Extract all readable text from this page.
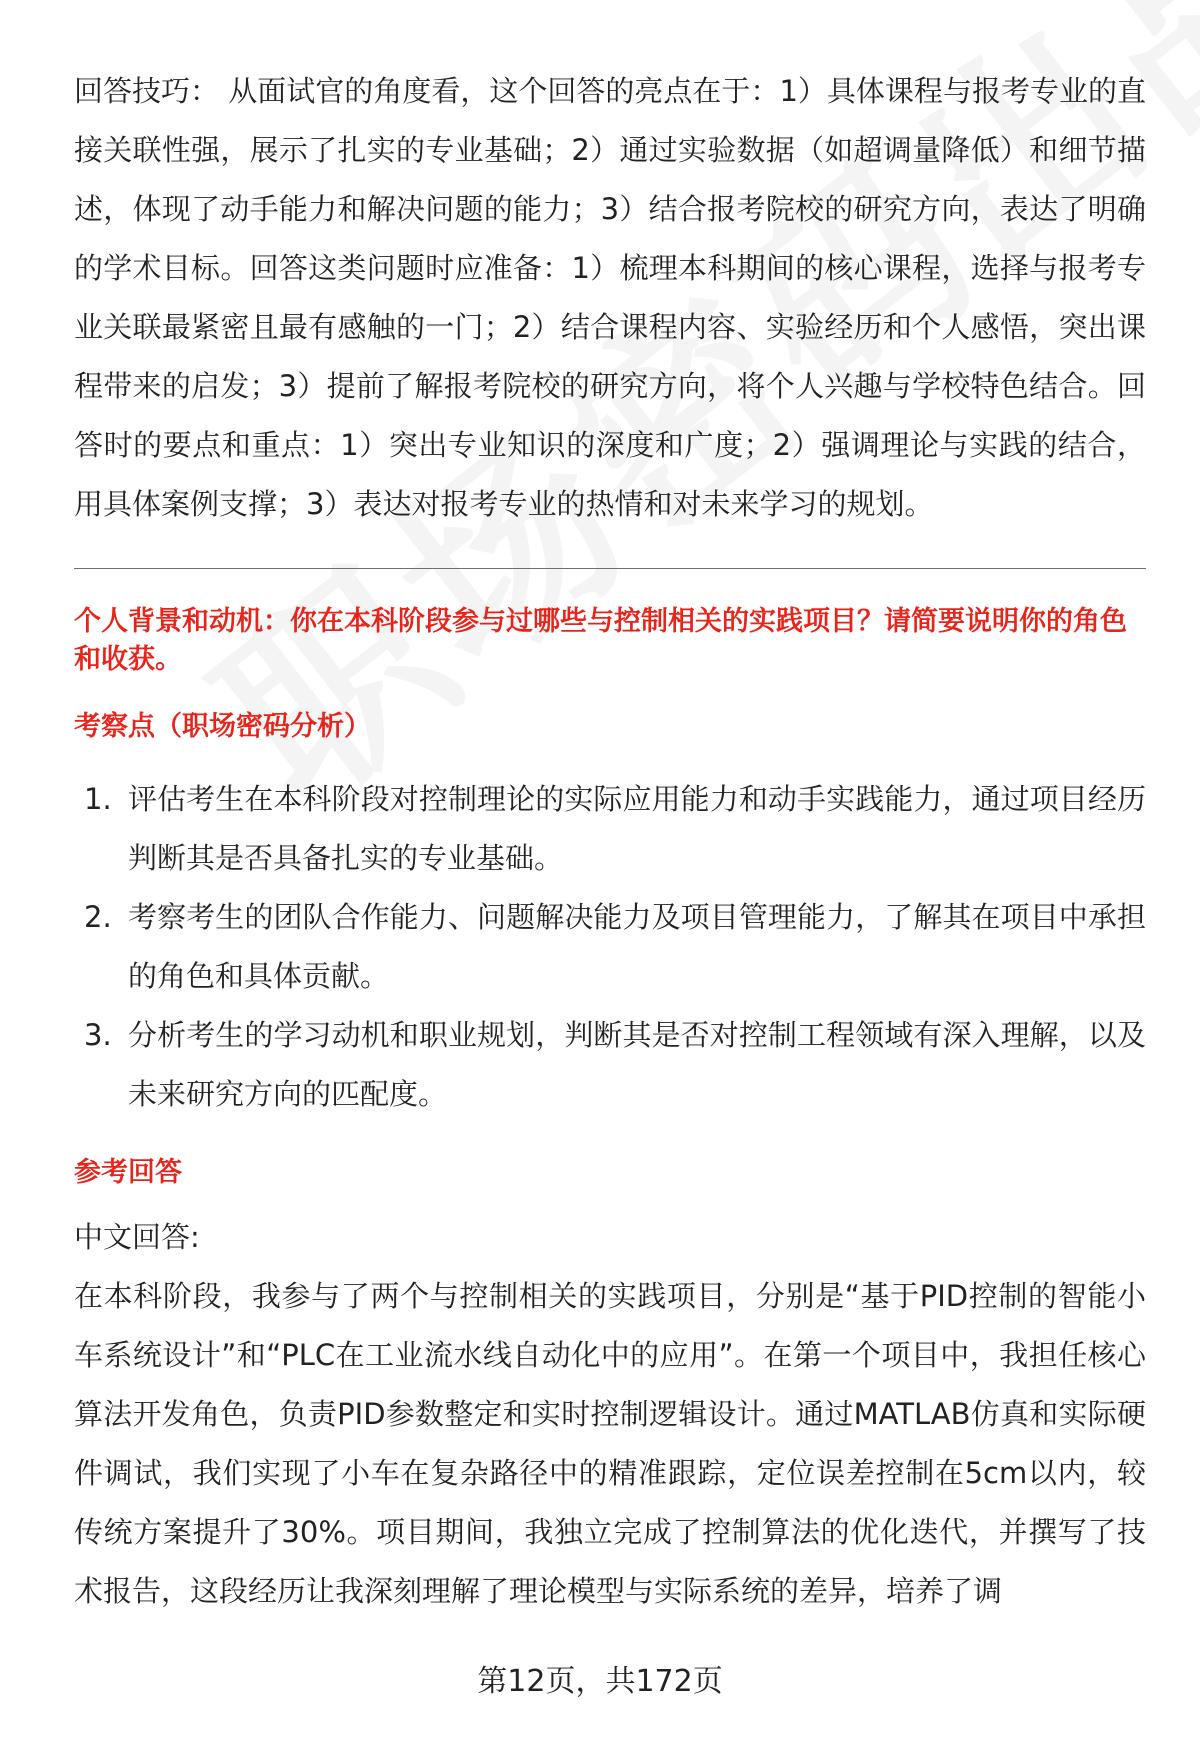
回答技巧： 从面试官的角度看，这个回答的亮点在于：1）具体课程与报考专业的直接关联性强，展示了扎实的专业基础；2）通过实验数据（如超调量降低）和细节描述，体现了动手能力和解决问题的能力；3）结合报考院校的研究方向，表达了明确的学术目标。回答这类问题时应准备：1）梳理本科期间的核心课程，选择与报考专业关联最紧密且最有感触的一门；2）结合课程内容、实验经历和个人感悟，突出课程带来的启发；3）提前了解报考院校的研究方向，将个人兴趣与学校特色结合。回答时的要点和重点：1）突出专业知识的深度和广度；2）强调理论与实践的结合，用具体案例支撑；3）表达对报考专业的热情和对未来学习的规划。

个人背景和动机：你在本科阶段参与过哪些与控制相关的实践项目？请简要说明你的角色和收获。

考察点（职场密码分析）

1. 评估考生在本科阶段对控制理论的实际应用能力和动手实践能力，通过项目经历判断其是否具备扎实的专业基础。
2. 考察考生的团队合作能力、问题解决能力及项目管理能力，了解其在项目中承担的角色和具体贡献。
3. 分析考生的学习动机和职业规划，判断其是否对控制工程领域有深入理解，以及未来研究方向的匹配度。

参考回答

中文回答:

在本科阶段，我参与了两个与控制相关的实践项目，分别是“基于PID控制的智能小车系统设计”和“PLC在工业流水线自动化中的应用”。在第一个项目中，我担任核心算法开发角色，负责PID参数整定和实时控制逻辑设计。通过MATLAB仿真和实际硬件调试，我们实现了小车在复杂路径中的精准跟踪，定位误差控制在5cm以内，较传统方案提升了30%。项目期间，我独立完成了控制算法的优化迭代，并撰写了技术报告，这段经历让我深刻理解了理论模型与实际系统的差异，培养了调

第12页，共172页
